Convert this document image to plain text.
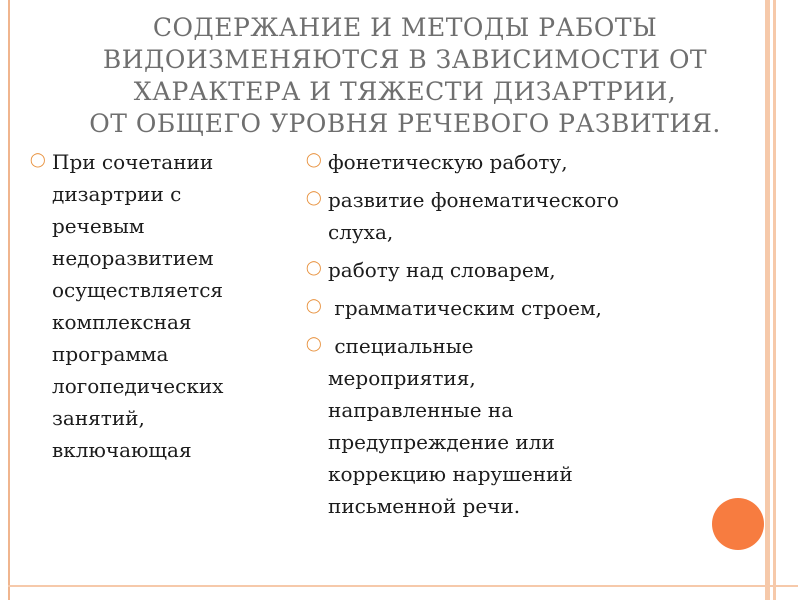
СОДЕРЖАНИЕ И МЕТОДЫ РАБОТЫ
ВИДОИЗМЕНЯЮТСЯ В ЗАВИСИМОСТИ ОТ
ХАРАКТЕРА И ТЯЖЕСТИ ДИЗАРТРИИ,
ОТ ОБЩЕГО УРОВНЯ РЕЧЕВОГО РАЗВИТИЯ.
◯ При сочетании
дизартрии с
речевым
недоразвитием
осуществляется
комплексная
программа
логопедических
занятий,
включающая
◯ фонетическую работу,
◯ развитие фонематического
слуха,
◯ работу над словарем,
◯ грамматическим строем,
◯ специальные
мероприятия,
направленные на
предупреждение или
коррекцию нарушений
письменной речи.
